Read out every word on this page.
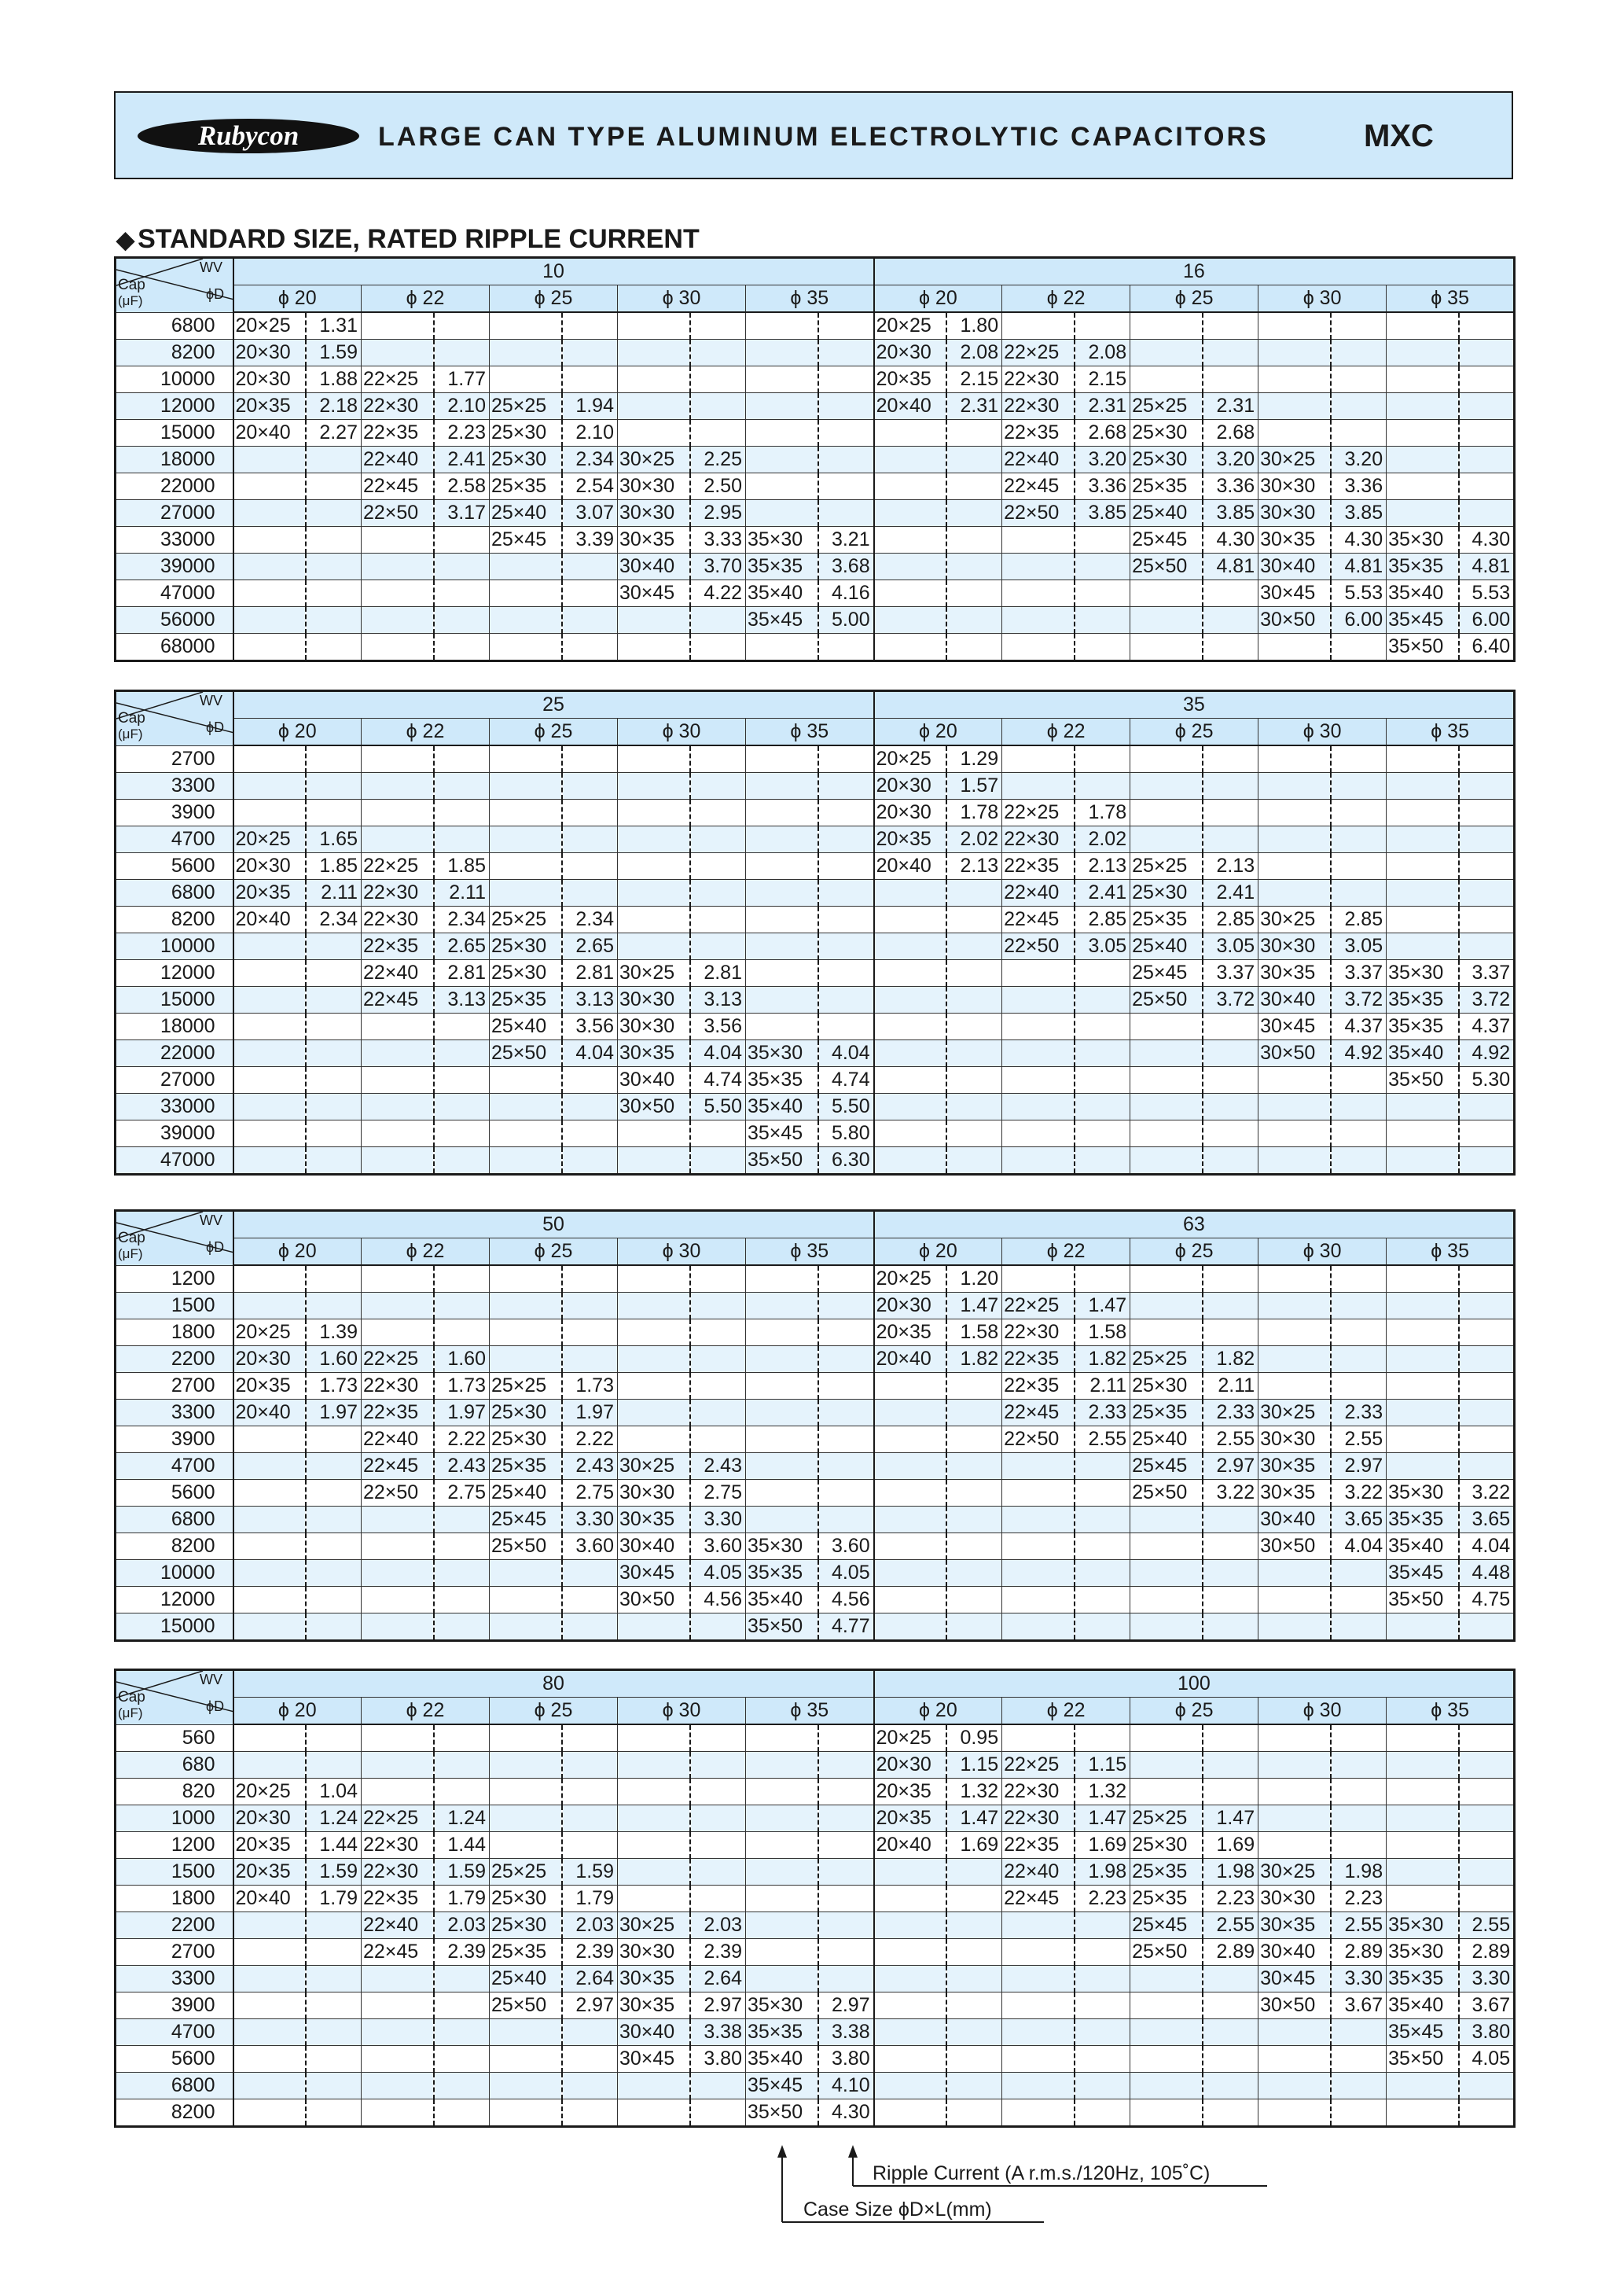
Rubycon	LARGE CAN TYPE ALUMINUM ELECTROLYTIC CAPACITORS	MXC
◆ STANDARD SIZE, RATED RIPPLE CURRENT
WV
Cap
(μF) ϕD	10										16									
	ϕ 20		ϕ 22		ϕ 25		ϕ 30		ϕ 35		ϕ 20		ϕ 22		ϕ 25		ϕ 30		ϕ 35	
6800	20×25	1.31									20×25	1.80								
8200	20×30	1.59									20×30	2.08	22×25	2.08						
10000	20×30	1.88	22×25	1.77							20×35	2.15	22×30	2.15						
12000	20×35	2.18	22×30	2.10	25×25	1.94					20×40	2.31	22×30	2.31	25×25	2.31				
15000	20×40	2.27	22×35	2.23	25×30	2.10							22×35	2.68	25×30	2.68				
18000			22×40	2.41	25×30	2.34	30×25	2.25					22×40	3.20	25×30	3.20	30×25	3.20		
22000			22×45	2.58	25×35	2.54	30×30	2.50					22×45	3.36	25×35	3.36	30×30	3.36		
27000			22×50	3.17	25×40	3.07	30×30	2.95					22×50	3.85	25×40	3.85	30×30	3.85		
33000					25×45	3.39	30×35	3.33	35×30	3.21					25×45	4.30	30×35	4.30	35×30	4.30
39000							30×40	3.70	35×35	3.68					25×50	4.81	30×40	4.81	35×35	4.81
47000							30×45	4.22	35×40	4.16							30×45	5.53	35×40	5.53
56000									35×45	5.00							30×50	6.00	35×45	6.00
68000																			35×50	6.40
WV
Cap
(μF) ϕD	25										35									
	ϕ 20		ϕ 22		ϕ 25		ϕ 30		ϕ 35		ϕ 20		ϕ 22		ϕ 25		ϕ 30		ϕ 35	
2700											20×25	1.29								
3300											20×30	1.57								
3900											20×30	1.78	22×25	1.78						
4700	20×25	1.65									20×35	2.02	22×30	2.02						
5600	20×30	1.85	22×25	1.85							20×40	2.13	22×35	2.13	25×25	2.13				
6800	20×35	2.11	22×30	2.11									22×40	2.41	25×30	2.41				
8200	20×40	2.34	22×30	2.34	25×25	2.34							22×45	2.85	25×35	2.85	30×25	2.85		
10000			22×35	2.65	25×30	2.65							22×50	3.05	25×40	3.05	30×30	3.05		
12000			22×40	2.81	25×30	2.81	30×25	2.81							25×45	3.37	30×35	3.37	35×30	3.37
15000			22×45	3.13	25×35	3.13	30×30	3.13							25×50	3.72	30×40	3.72	35×35	3.72
18000					25×40	3.56	30×30	3.56									30×45	4.37	35×35	4.37
22000					25×50	4.04	30×35	4.04	35×30	4.04							30×50	4.92	35×40	4.92
27000							30×40	4.74	35×35	4.74									35×50	5.30
33000							30×50	5.50	35×40	5.50										
39000									35×45	5.80										
47000									35×50	6.30										
WV
Cap
(μF) ϕD	50										63									
	ϕ 20		ϕ 22		ϕ 25		ϕ 30		ϕ 35		ϕ 20		ϕ 22		ϕ 25		ϕ 30		ϕ 35	
1200											20×25	1.20								
1500											20×30	1.47	22×25	1.47						
1800	20×25	1.39									20×35	1.58	22×30	1.58						
2200	20×30	1.60	22×25	1.60							20×40	1.82	22×35	1.82	25×25	1.82				
2700	20×35	1.73	22×30	1.73	25×25	1.73							22×35	2.11	25×30	2.11				
3300	20×40	1.97	22×35	1.97	25×30	1.97							22×45	2.33	25×35	2.33	30×25	2.33		
3900			22×40	2.22	25×30	2.22							22×50	2.55	25×40	2.55	30×30	2.55		
4700			22×45	2.43	25×35	2.43	30×25	2.43							25×45	2.97	30×35	2.97		
5600			22×50	2.75	25×40	2.75	30×30	2.75							25×50	3.22	30×35	3.22	35×30	3.22
6800					25×45	3.30	30×35	3.30									30×40	3.65	35×35	3.65
8200					25×50	3.60	30×40	3.60	35×30	3.60							30×50	4.04	35×40	4.04
10000							30×45	4.05	35×35	4.05									35×45	4.48
12000							30×50	4.56	35×40	4.56									35×50	4.75
15000									35×50	4.77										
WV
Cap
(μF) ϕD	80										100									
	ϕ 20		ϕ 22		ϕ 25		ϕ 30		ϕ 35		ϕ 20		ϕ 22		ϕ 25		ϕ 30		ϕ 35	
560											20×25	0.95								
680											20×30	1.15	22×25	1.15						
820	20×25	1.04									20×35	1.32	22×30	1.32						
1000	20×30	1.24	22×25	1.24							20×35	1.47	22×30	1.47	25×25	1.47				
1200	20×35	1.44	22×30	1.44							20×40	1.69	22×35	1.69	25×30	1.69				
1500	20×35	1.59	22×30	1.59	25×25	1.59							22×40	1.98	25×35	1.98	30×25	1.98		
1800	20×40	1.79	22×35	1.79	25×30	1.79							22×45	2.23	25×35	2.23	30×30	2.23		
2200			22×40	2.03	25×30	2.03	30×25	2.03							25×45	2.55	30×35	2.55	35×30	2.55
2700			22×45	2.39	25×35	2.39	30×30	2.39							25×50	2.89	30×40	2.89	35×30	2.89
3300					25×40	2.64	30×35	2.64									30×45	3.30	35×35	3.30
3900					25×50	2.97	30×35	2.97	35×30	2.97							30×50	3.67	35×40	3.67
4700							30×40	3.38	35×35	3.38									35×45	3.80
5600							30×45	3.80	35×40	3.80									35×50	4.05
6800									35×45	4.10										
8200									35×50	4.30										
Ripple Current (A r.m.s./120Hz, 105˚C)
Case Size ϕD×L(mm)
